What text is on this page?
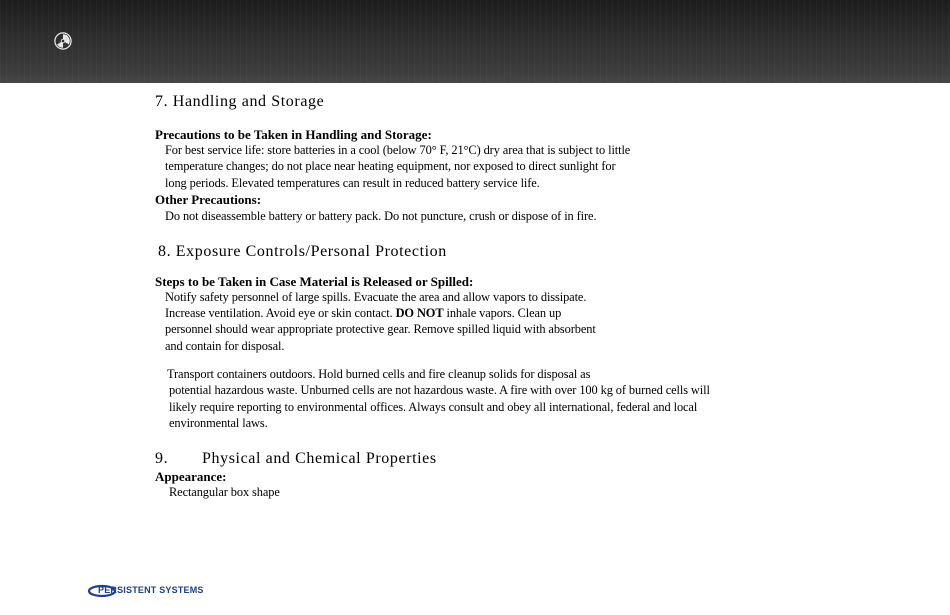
7. Handling and Storage
Precautions to be Taken in Handling and Storage:
For best service life: store batteries in a cool (below 70° F, 21°C) dry area that is subject to little
temperature changes; do not place near heating equipment, nor exposed to direct sunlight for
long periods. Elevated temperatures can result in reduced battery service life.
Other Precautions:
Do not diseassemble battery or battery pack. Do not puncture, crush or dispose of in fire.
8. Exposure Controls/Personal Protection
Steps to be Taken in Case Material is Released or Spilled:
Notify safety personnel of large spills. Evacuate the area and allow vapors to dissipate.
Increase ventilation. Avoid eye or skin contact. DO NOT inhale vapors. Clean up
personnel should wear appropriate protective gear. Remove spilled liquid with absorbent
and contain for disposal.
Transport containers outdoors. Hold burned cells and fire cleanup solids for disposal as
potential hazardous waste. Unburned cells are not hazardous waste. A fire with over 100 kg of burned cells will
likely require reporting to environmental offices. Always consult and obey all international, federal and local
environmental laws.
9. Physical and Chemical Properties
Appearance:
Rectangular box shape
PERSISTENT SYSTEMS
